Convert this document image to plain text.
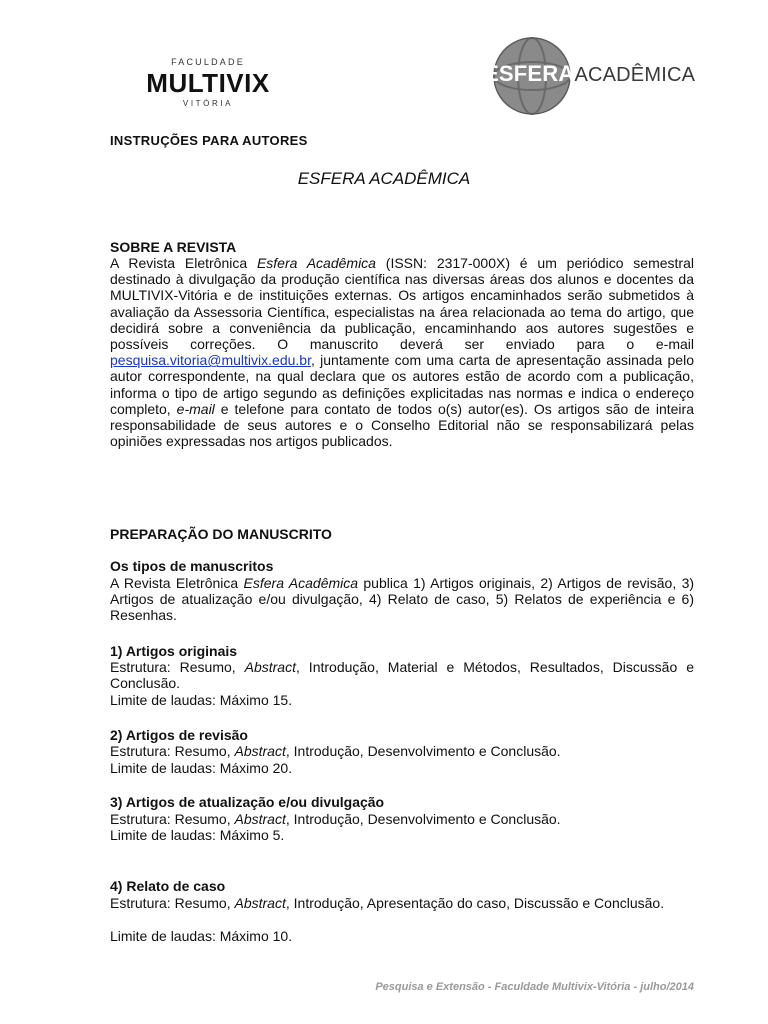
FACULDADE
MULTIVIX
VITÓRIA
ESFERAACADÊMICA
INSTRUÇÕES PARA AUTORES
ESFERA ACADÊMICA
SOBRE A REVISTA
A Revista Eletrônica Esfera Acadêmica (ISSN: 2317-000X) é um periódico semestral destinado à divulgação da produção científica nas diversas áreas dos alunos e docentes da MULTIVIX-Vitória e de instituições externas. Os artigos encaminhados serão submetidos à avaliação da Assessoria Científica, especialistas na área relacionada ao tema do artigo, que decidirá sobre a conveniência da publicação, encaminhando aos autores sugestões e possíveis correções. O manuscrito deverá ser enviado para o e-mail pesquisa.vitoria@multivix.edu.br, juntamente com uma carta de apresentação assinada pelo autor correspondente, na qual declara que os autores estão de acordo com a publicação, informa o tipo de artigo segundo as definições explicitadas nas normas e indica o endereço completo, e-mail e telefone para contato de todos o(s) autor(es). Os artigos são de inteira responsabilidade de seus autores e o Conselho Editorial não se responsabilizará pelas opiniões expressadas nos artigos publicados.
PREPARAÇÃO DO MANUSCRITO
Os tipos de manuscritos
A Revista Eletrônica Esfera Acadêmica publica 1) Artigos originais, 2) Artigos de revisão, 3) Artigos de atualização e/ou divulgação, 4) Relato de caso, 5) Relatos de experiência e 6) Resenhas.
1) Artigos originais
Estrutura: Resumo, Abstract, Introdução, Material e Métodos, Resultados, Discussão e Conclusão.
Limite de laudas: Máximo 15.
2) Artigos de revisão
Estrutura: Resumo, Abstract, Introdução, Desenvolvimento e Conclusão.
Limite de laudas: Máximo 20.
3) Artigos de atualização e/ou divulgação
Estrutura: Resumo, Abstract, Introdução, Desenvolvimento e Conclusão.
Limite de laudas: Máximo 5.
4) Relato de caso
Estrutura: Resumo, Abstract, Introdução, Apresentação do caso, Discussão e Conclusão.
Limite de laudas: Máximo 10.
Pesquisa e Extensão - Faculdade Multivix-Vitória - julho/2014
